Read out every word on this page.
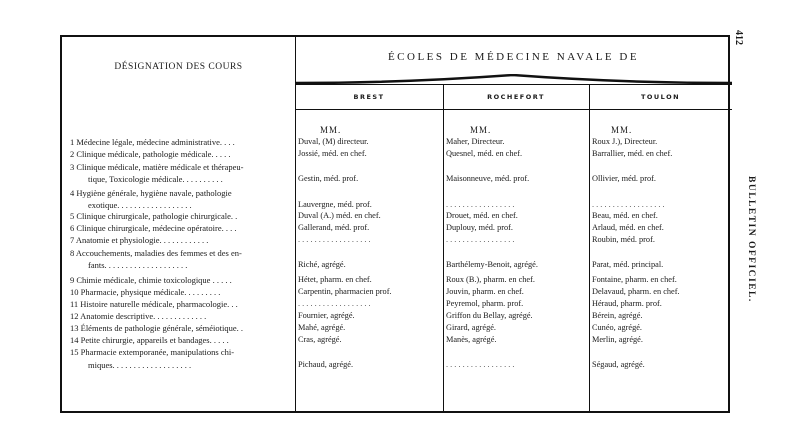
412
BULLETIN OFFICIEL.
DÉSIGNATION DES COURS
ÉCOLES DE MÉDECINE NAVALE DE
BREST	ROCHEFORT	TOULON
MM.	MM.	MM.
1 Médecine légale, médecine administrative. . . .	Duval, (M) directeur.	Maher, Directeur.	Roux J.), Directeur.
2 Clinique médicale, pathologie médicale. . . . .	Jossié, méd. en chef.	Quesnel, méd. en chef.	Barrallier, méd. en chef.
3 Clinique médicale, matière médicale et thérapeu-
tique, Toxicologie médicale. . . . . . . . . .	Gestin, méd. prof.	Maisonneuve, méd. prof.	Ollivier, méd. prof.
4 Hygiène générale, hygiène navale, pathologie
exotique. . . . . . . . . . . . . . . . . .	Lauvergne, méd. prof.	. . . . . . . . . . . . . . . . .	. . . . . . . . . . . . . . . . . .
5 Clinique chirurgicale, pathologie chirurgicale. .	Duval (A.) méd. en chef.	Drouet, méd. en chef.	Beau, méd. en chef.
6 Clinique chirurgicale, médecine opératoire. . . .	Gallerand, méd. prof.	Duplouy, méd. prof.	Arlaud, méd. en chef.
7 Anatomie et physiologie. . . . . . . . . . . .	. . . . . . . . . . . . . . . . . .	. . . . . . . . . . . . . . . . .	Roubin, méd. prof.
8 Accouchements, maladies des femmes et des en-
fants. . . . . . . . . . . . . . . . . . . .	Riché, agrégé.	Barthélemy-Benoit, agrégé.	Parat, méd. principal.
9 Chimie médicale, chimie toxicologique . . . . .	Hétet, pharm. en chef.	Roux (B.), pharm. en chef.	Fontaine, pharm. en chef.
10 Pharmacie, physique médicale. . . . . . . . .	Carpentin, pharmacien prof.	Jouvin, pharm. en chef.	Delavaud, pharm. en chef.
11 Histoire naturelle médicale, pharmacologie. . .	. . . . . . . . . . . . . . . . . .	Peyremol, pharm. prof.	Héraud, pharm. prof.
12 Anatomie descriptive. . . . . . . . . . . . .	Fournier, agrégé.	Griffon du Bellay, agrégé.	Bérein, agrégé.
13 Éléments de pathologie générale, séméiotique. .	Mahé, agrégé.	Girard, agrégé.	Cunéo, agrégé.
14 Petite chirurgie, appareils et bandages. . . . .	Cras, agrégé.	Manès, agrégé.	Merlin, agrégé.
15 Pharmacie extemporanée, manipulations chi-
miques. . . . . . . . . . . . . . . . . . .	Pichaud, agrégé.	. . . . . . . . . . . . . . . . .	Ségaud, agrégé.
